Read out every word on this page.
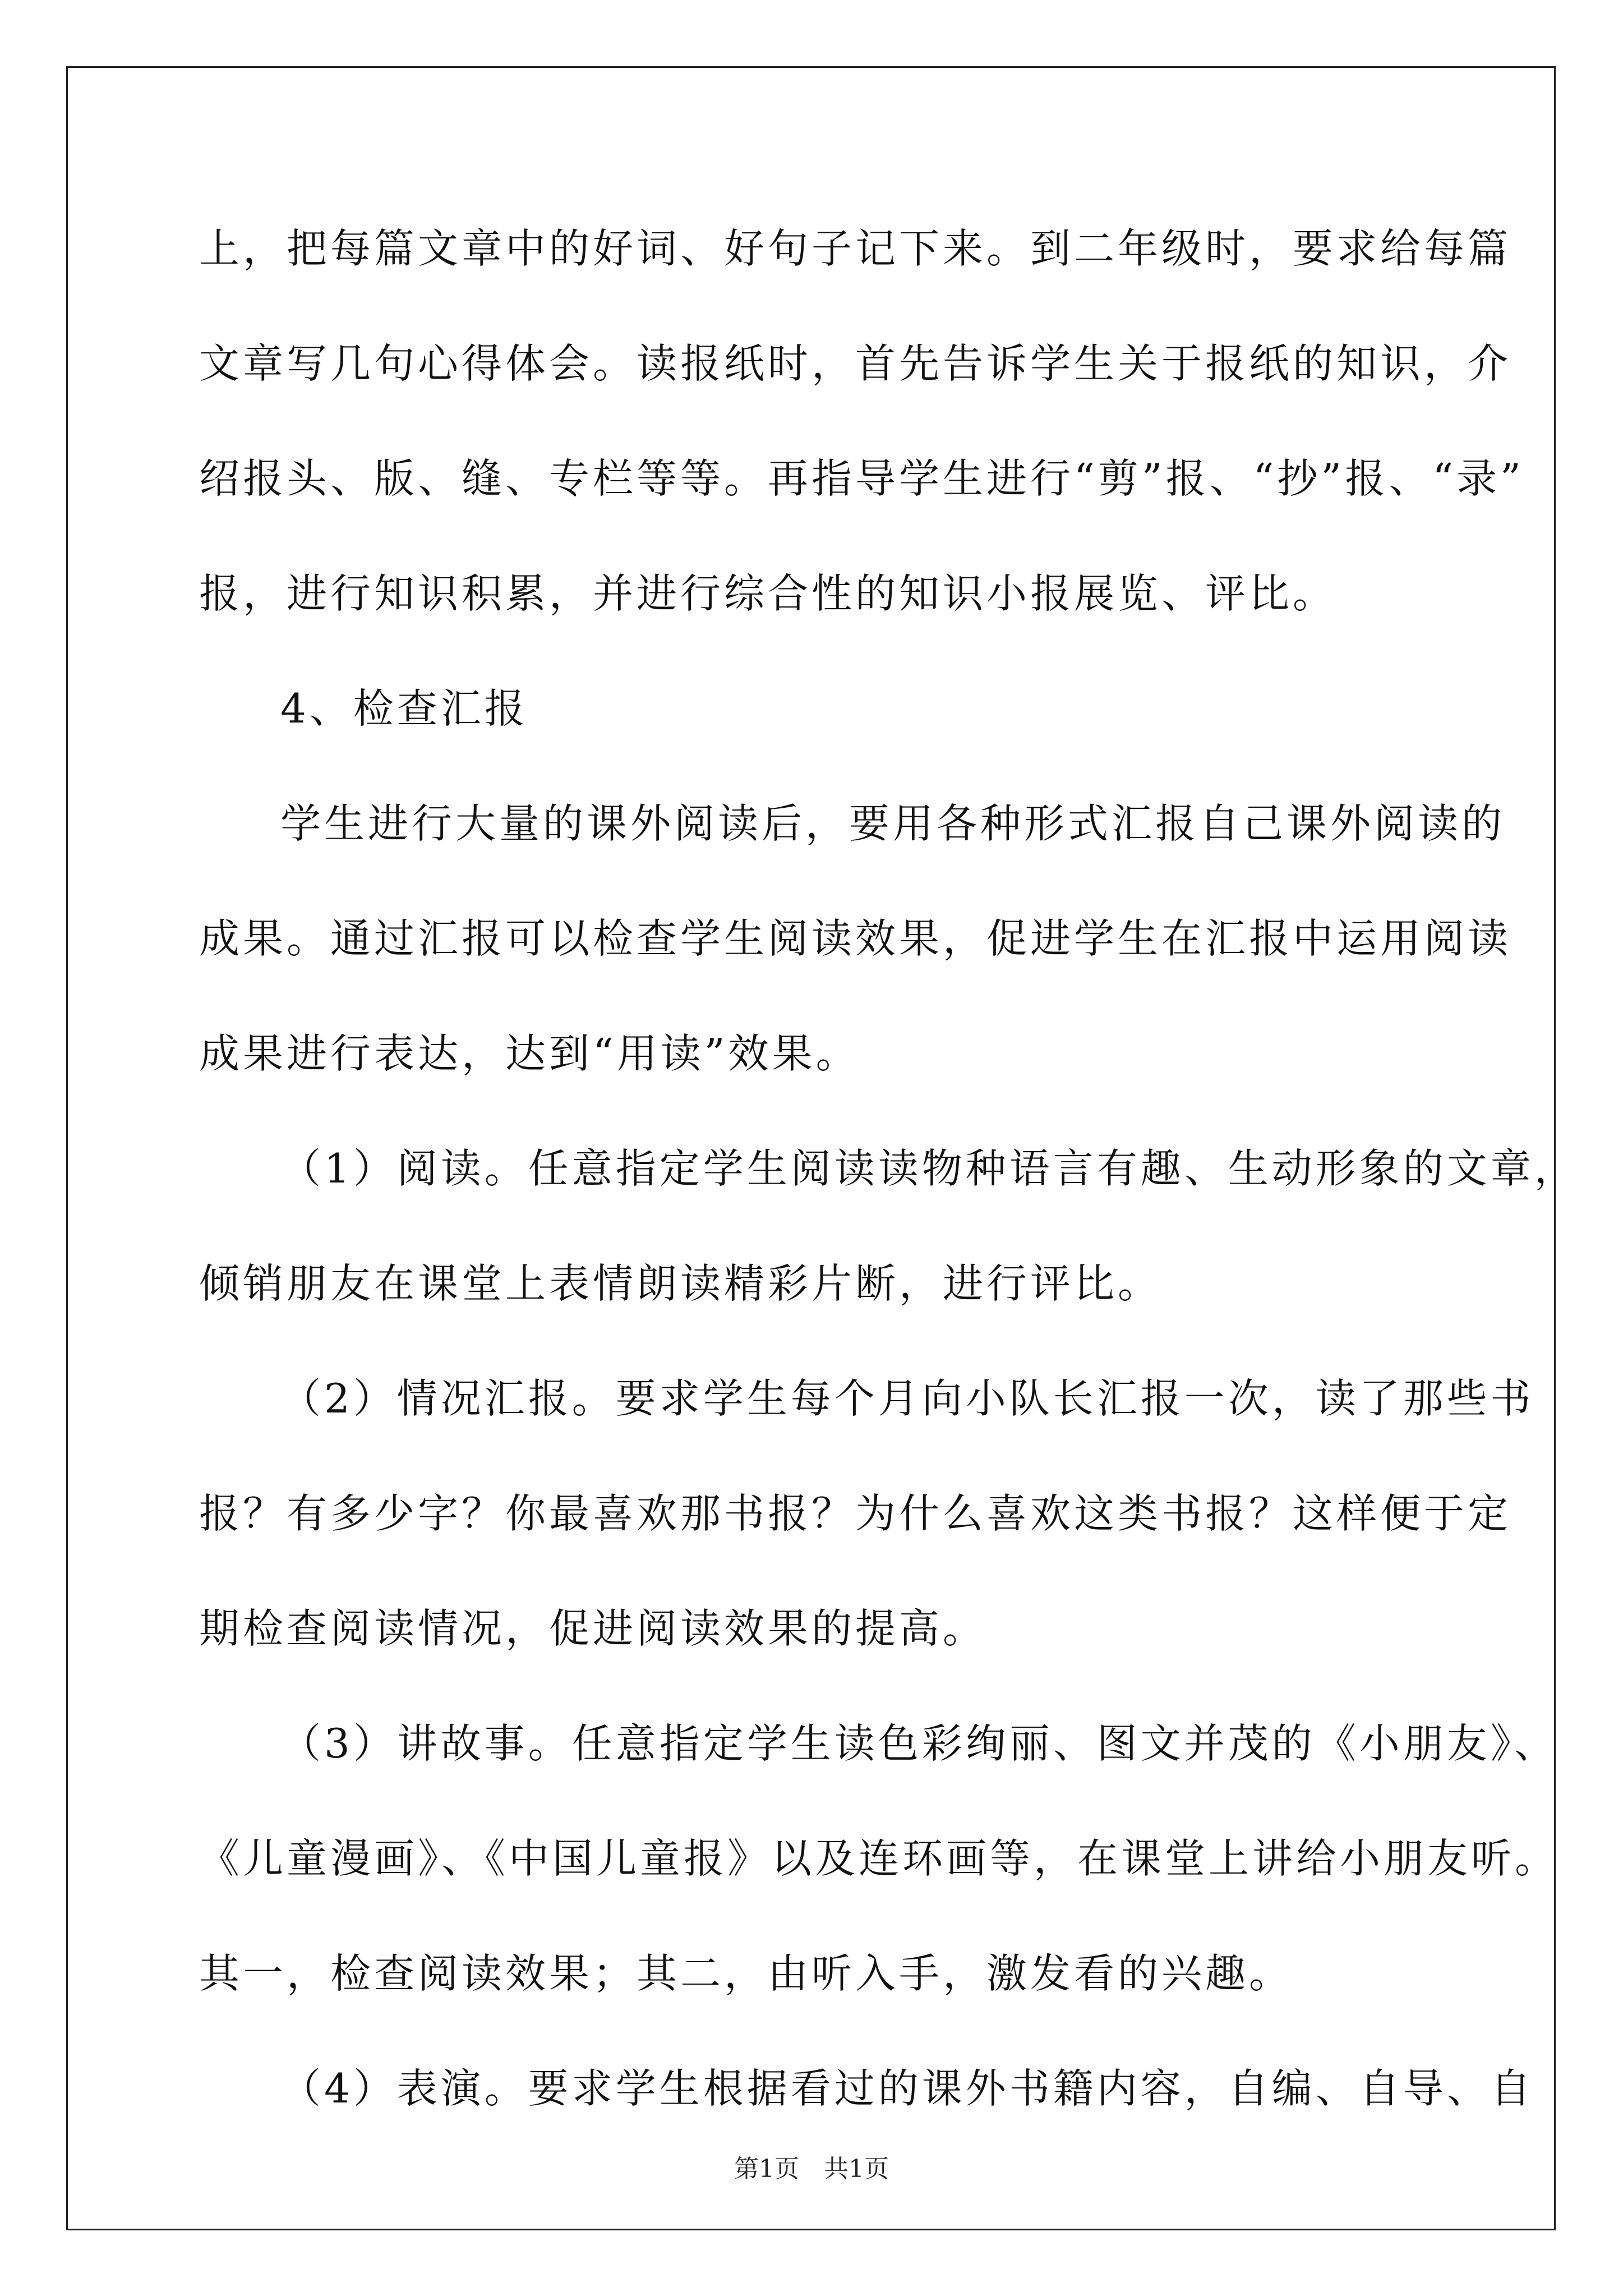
上，把每篇文章中的好词、好句子记下来。到二年级时，要求给每篇
文章写几句心得体会。读报纸时，首先告诉学生关于报纸的知识，介
绍报头、版、缝、专栏等等。再指导学生进行“剪”报、“抄”报、“录”
报，进行知识积累，并进行综合性的知识小报展览、评比。
4、检查汇报
学生进行大量的课外阅读后，要用各种形式汇报自己课外阅读的
成果。通过汇报可以检查学生阅读效果，促进学生在汇报中运用阅读
成果进行表达，达到“用读”效果。
（1）阅读。任意指定学生阅读读物种语言有趣、生动形象的文章，
倾销朋友在课堂上表情朗读精彩片断，进行评比。
（2）情况汇报。要求学生每个月向小队长汇报一次，读了那些书
报？有多少字？你最喜欢那书报？为什么喜欢这类书报？这样便于定
期检查阅读情况，促进阅读效果的提高。
（3）讲故事。任意指定学生读色彩绚丽、图文并茂的《小朋友》、
《儿童漫画》、《中国儿童报》以及连环画等，在课堂上讲给小朋友听。
其一，检查阅读效果；其二，由听入手，激发看的兴趣。
（4）表演。要求学生根据看过的课外书籍内容，自编、自导、自
第1页　共1页
